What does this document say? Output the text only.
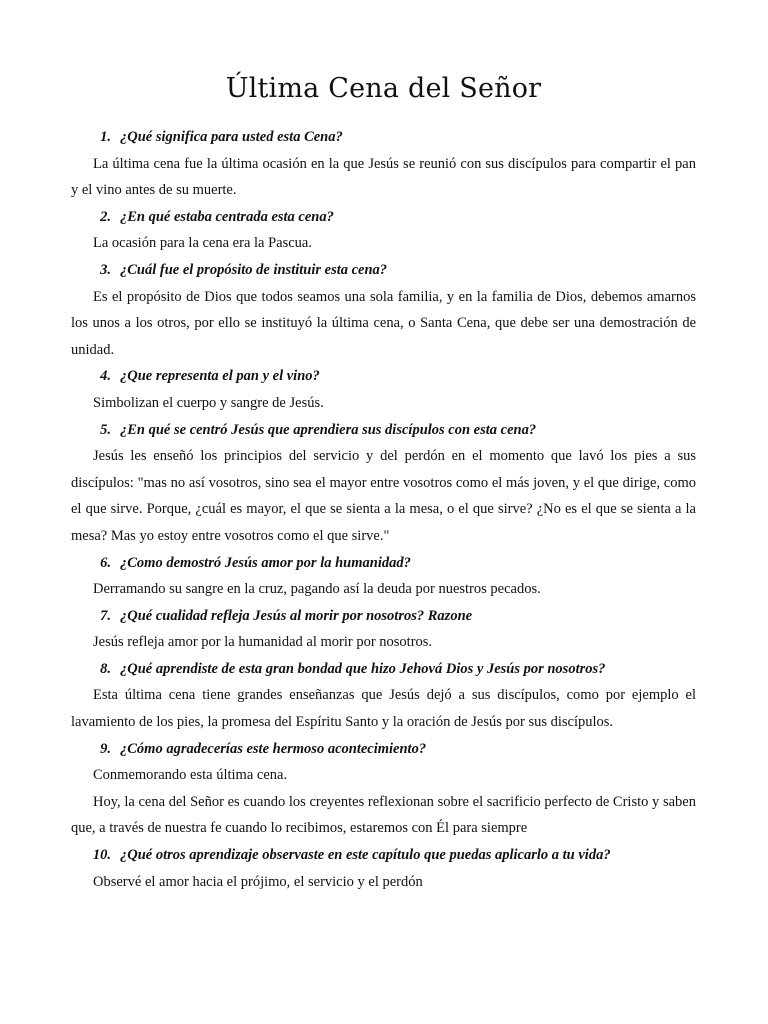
Última Cena del Señor

1. ¿Qué significa para usted esta Cena?

La última cena fue la última ocasión en la que Jesús se reunió con sus discípulos para compartir el pan y el vino antes de su muerte.

2. ¿En qué estaba centrada esta cena?

La ocasión para la cena era la Pascua.

3. ¿Cuál fue el propósito de instituir esta cena?

Es el propósito de Dios que todos seamos una sola familia, y en la familia de Dios, debemos amarnos los unos a los otros, por ello se instituyó la última cena, o Santa Cena, que debe ser una demostración de unidad.

4. ¿Que representa el pan y el vino?

Simbolizan el cuerpo y sangre de Jesús.

5. ¿En qué se centró Jesús que aprendiera sus discípulos con esta cena?

Jesús les enseñó los principios del servicio y del perdón en el momento que lavó los pies a sus discípulos: "mas no así vosotros, sino sea el mayor entre vosotros como el más joven, y el que dirige, como el que sirve. Porque, ¿cuál es mayor, el que se sienta a la mesa, o el que sirve? ¿No es el que se sienta a la mesa? Mas yo estoy entre vosotros como el que sirve."

6. ¿Como demostró Jesús amor por la humanidad?

Derramando su sangre en la cruz, pagando así la deuda por nuestros pecados.

7. ¿Qué cualidad refleja Jesús al morir por nosotros? Razone

Jesús refleja amor por la humanidad al morir por nosotros.

8. ¿Qué aprendiste de esta gran bondad que hizo Jehová Dios y Jesús por nosotros?

Esta última cena tiene grandes enseñanzas que Jesús dejó a sus discípulos, como por ejemplo el lavamiento de los pies, la promesa del Espíritu Santo y la oración de Jesús por sus discípulos.

9. ¿Cómo agradecerías este hermoso acontecimiento?

Conmemorando esta última cena.

Hoy, la cena del Señor es cuando los creyentes reflexionan sobre el sacrificio perfecto de Cristo y saben que, a través de nuestra fe cuando lo recibimos, estaremos con Él para siempre

10. ¿Qué otros aprendizaje observaste en este capítulo que puedas aplicarlo a tu vida?

Observé el amor hacia el prójimo, el servicio y el perdón
